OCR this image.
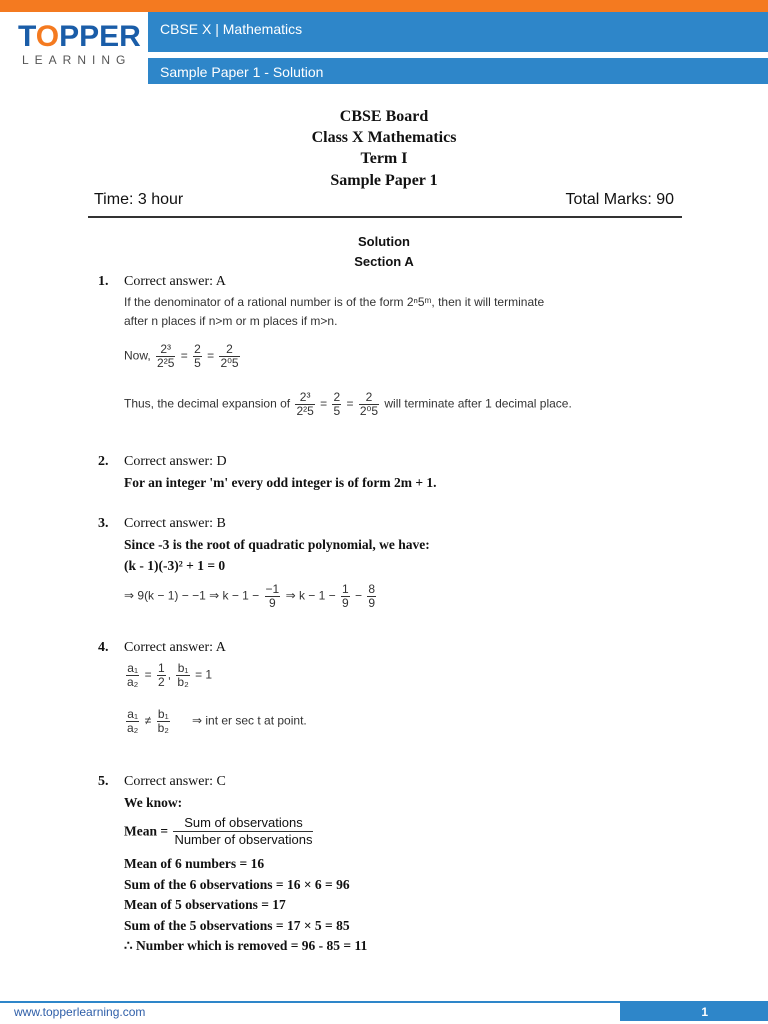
TOPPER
LEARNING
CBSE X | Mathematics
Sample Paper 1 - Solution
CBSE Board
Class X Mathematics
Term I
Sample Paper 1
Time: 3 hour	Total Marks: 90
Solution
Section A
1. Correct answer: A
If the denominator of a rational number is of the form 2ⁿ5ᵐ, then it will terminate
after n places if n>m or m places if m>n.
Now, $\frac{\text{2³}}{\text{2²5}} = \frac{2}{5} = \frac{2}{\text{2⁰5}}$
Thus, the decimal expansion of $\frac{\text{2³}}{\text{2²5}} = \frac{2}{5} = \frac{2}{\text{2⁰5}}$ will terminate after 1 decimal place.
2. Correct answer: D
For an integer 'm' every odd integer is of form 2m + 1.
3. Correct answer: B
Since -3 is the root of quadratic polynomial, we have:
(k - 1)(-3)² + 1 = 0
⇒ 9(k − 1) − −1 ⇒ $k - 1 - \frac{-1}{9}$ ⇒ $k - 1 - \frac{1}{9} - \frac{8}{9}$
4. Correct answer: A
$\frac{\text{a₁}}{\text{a₂}} = \frac{1}{2}$ , $\frac{\text{b₁}}{\text{b₂}} = 1$
$\frac{\text{a₁}}{\text{a₂}} \ne \frac{\text{b₁}}{\text{b₂}}$ ⇒ int er sec t at point.
5. Correct answer: C
We know:
Mean = $\frac{\text{Sum of observations}}{\text{Number of observations}}$
Mean of 6 numbers = 16
Sum of the 6 observations = 16 × 6 = 96
Mean of 5 observations = 17
Sum of the 5 observations = 17 × 5 = 85
∴ Number which is removed = 96 - 85 = 11
www.topperlearning.com	1
